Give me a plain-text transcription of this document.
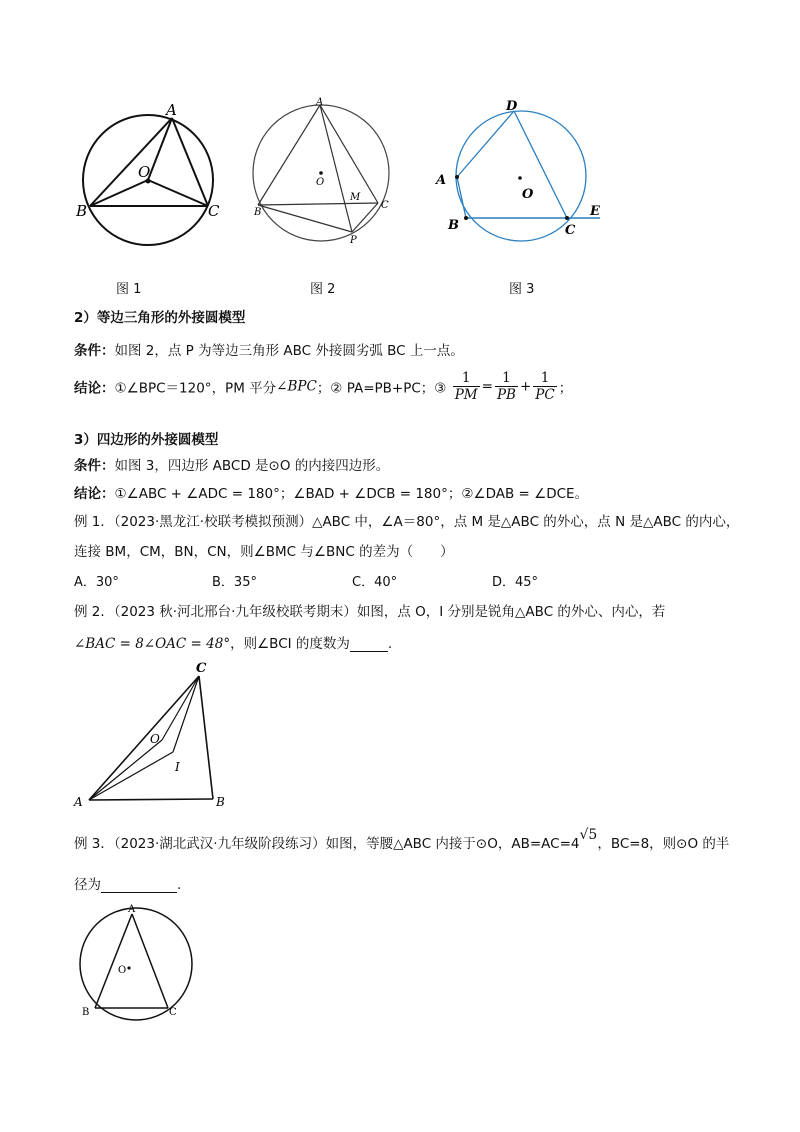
A
B	C
O
图 1
A
B
C
O
M
P
图 2
D
A
B	C
E
O
图 3
2）等边三角形的外接圆模型
条件：如图 2，点 P 为等边三角形 ABC 外接圆劣弧 BC 上一点。
结论：①∠BPC＝120°，PM 平分∠BPC；② PA=PB+PC；③ $\frac{1}{PM} = \frac{1}{PB} + \frac{1}{PC}$ ；
3）四边形的外接圆模型
条件：如图 3，四边形 ABCD 是⊙O 的内接四边形。
结论：①∠ABC + ∠ADC = 180°；∠BAD + ∠DCB = 180°；②∠DAB = ∠DCE。
例 1．（2023·黑龙江·校联考模拟预测）△ABC 中，∠A＝80°，点 M 是△ABC 的外心，点 N 是△ABC 的内心，
连接 BM，CM，BN，CN，则∠BMC 与∠BNC 的差为（　　）
A．30°	B．35°	C．40°	D．45°
例 2．（2023 秋·河北邢台·九年级校联考期末）如图，点 O，I 分别是锐角△ABC 的外心、内心，若
∠BAC = 8∠OAC = 48°，则∠BCI 的度数为	.
C
A	B
O
I
例 3．（2023·湖北武汉·九年级阶段练习）如图，等腰△ABC 内接于⊙O，AB=AC=4√5，BC=8，则⊙O 的半
径为	.
A
B	C
O
